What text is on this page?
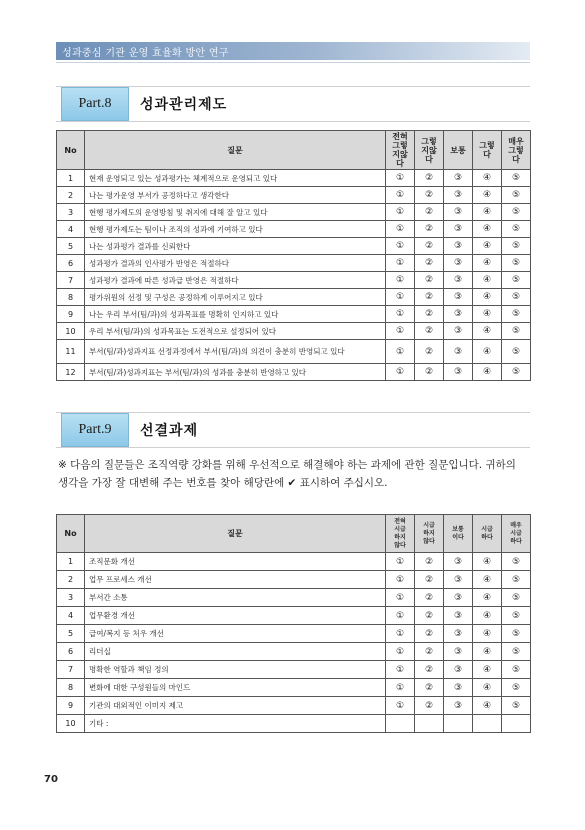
성과중심 기관 운영 효율화 방안 연구
Part.8	성과관리제도
No	질문	전혀
그렇
지않
다	그렇
지않
다	보통	그렇
다	매우
그렇
다
1	현재 운영되고 있는 성과평가는 체계적으로 운영되고 있다	①	②	③	④	⑤
2	나는 평가운영 부서가 공정하다고 생각한다	①	②	③	④	⑤
3	현행 평가제도의 운영방침 및 취지에 대해 잘 알고 있다	①	②	③	④	⑤
4	현행 평가제도는 팀이나 조직의 성과에 기여하고 있다	①	②	③	④	⑤
5	나는 성과평가 결과를 신뢰한다	①	②	③	④	⑤
6	성과평가 결과의 인사평가 반영은 적절하다	①	②	③	④	⑤
7	성과평가 결과에 따른 성과급 반영은 적절하다	①	②	③	④	⑤
8	평가위원의 선정 및 구성은 공정하게 이루어지고 있다	①	②	③	④	⑤
9	나는 우리 부서(팀/과)의 성과목표를 명확히 인지하고 있다	①	②	③	④	⑤
10	우리 부서(팀/과)의 성과목표는 도전적으로 설정되어 있다	①	②	③	④	⑤
11	부서(팀/과)성과지표 선정과정에서 부서(팀/과)의 의견이 충분히 반영되고 있다	①	②	③	④	⑤
12	부서(팀/과)성과지표는 부서(팀/과)의 성과를 충분히 반영하고 있다	①	②	③	④	⑤
Part.9	선결과제
※ 다음의 질문들은 조직역량 강화를 위해 우선적으로 해결해야 하는 과제에 관한 질문입니다. 귀하의 생각을 가장 잘 대변해 주는 번호를 찾아 해당란에 ✔ 표시하여 주십시오.
No	질문	전혀
시급
하지
않다	시급
하지
않다	보통
이다	시급
하다	매우
시급
하다
1	조직문화 개선	①	②	③	④	⑤
2	업무 프로세스 개선	①	②	③	④	⑤
3	부서간 소통	①	②	③	④	⑤
4	업무환경 개선	①	②	③	④	⑤
5	급여/복지 등 처우 개선	①	②	③	④	⑤
6	리더십	①	②	③	④	⑤
7	명확한 역할과 책임 정의	①	②	③	④	⑤
8	변화에 대한 구성원들의 마인드	①	②	③	④	⑤
9	기관의 대외적인 이미지 제고	①	②	③	④	⑤
10	기타 :					
70
